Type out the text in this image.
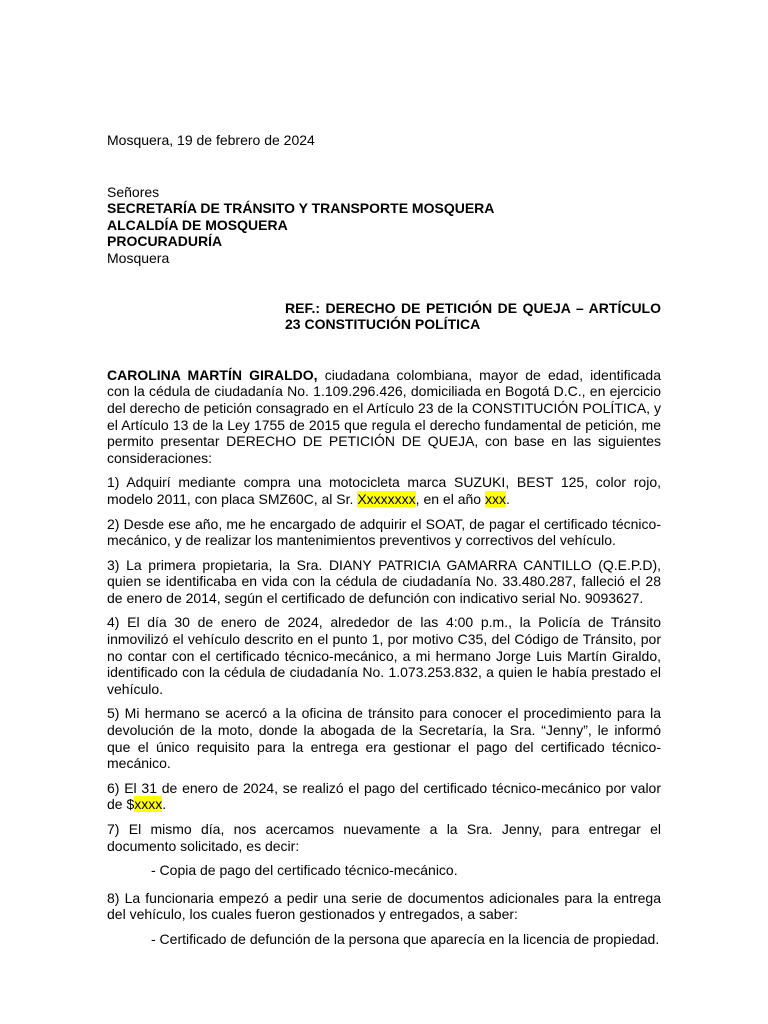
Mosquera, 19 de febrero de 2024

Señores
SECRETARÍA DE TRÁNSITO Y TRANSPORTE MOSQUERA
ALCALDÍA DE MOSQUERA
PROCURADURÍA
Mosquera
REF.: DERECHO DE PETICIÓN DE QUEJA – ARTÍCULO
23 CONSTITUCIÓN POLÍTICA

CAROLINA MARTÍN GIRALDO, ciudadana colombiana, mayor de edad, identificada con la cédula de ciudadanía No. 1.109.296.426, domiciliada en Bogotá D.C., en ejercicio del derecho de petición consagrado en el Artículo 23 de la CONSTITUCIÓN POLÍTICA, y el Artículo 13 de la Ley 1755 de 2015 que regula el derecho fundamental de petición, me permito presentar DERECHO DE PETICIÓN DE QUEJA, con base en las siguientes consideraciones:

1) Adquirí mediante compra una motocicleta marca SUZUKI, BEST 125, color rojo, modelo 2011, con placa SMZ60C, al Sr. Xxxxxxxx, en el año xxx.

2) Desde ese año, me he encargado de adquirir el SOAT, de pagar el certificado técnico-mecánico, y de realizar los mantenimientos preventivos y correctivos del vehículo.

3) La primera propietaria, la Sra. DIANY PATRICIA GAMARRA CANTILLO (Q.E.P.D), quien se identificaba en vida con la cédula de ciudadanía No. 33.480.287, falleció el 28 de enero de 2014, según el certificado de defunción con indicativo serial No. 9093627.

4) El día 30 de enero de 2024, alrededor de las 4:00 p.m., la Policía de Tránsito inmovilizó el vehículo descrito en el punto 1, por motivo C35, del Código de Tránsito, por no contar con el certificado técnico-mecánico, a mi hermano Jorge Luis Martín Giraldo, identificado con la cédula de ciudadanía No. 1.073.253.832, a quien le había prestado el vehículo.

5) Mi hermano se acercó a la oficina de tránsito para conocer el procedimiento para la devolución de la moto, donde la abogada de la Secretaría, la Sra. “Jenny”, le informó que el único requisito para la entrega era gestionar el pago del certificado técnico-mecánico.

6) El 31 de enero de 2024, se realizó el pago del certificado técnico-mecánico por valor de $xxxx.

7) El mismo día, nos acercamos nuevamente a la Sra. Jenny, para entregar el documento solicitado, es decir:

- Copia de pago del certificado técnico-mecánico.

8) La funcionaria empezó a pedir una serie de documentos adicionales para la entrega del vehículo, los cuales fueron gestionados y entregados, a saber:

- Certificado de defunción de la persona que aparecía en la licencia de propiedad.
